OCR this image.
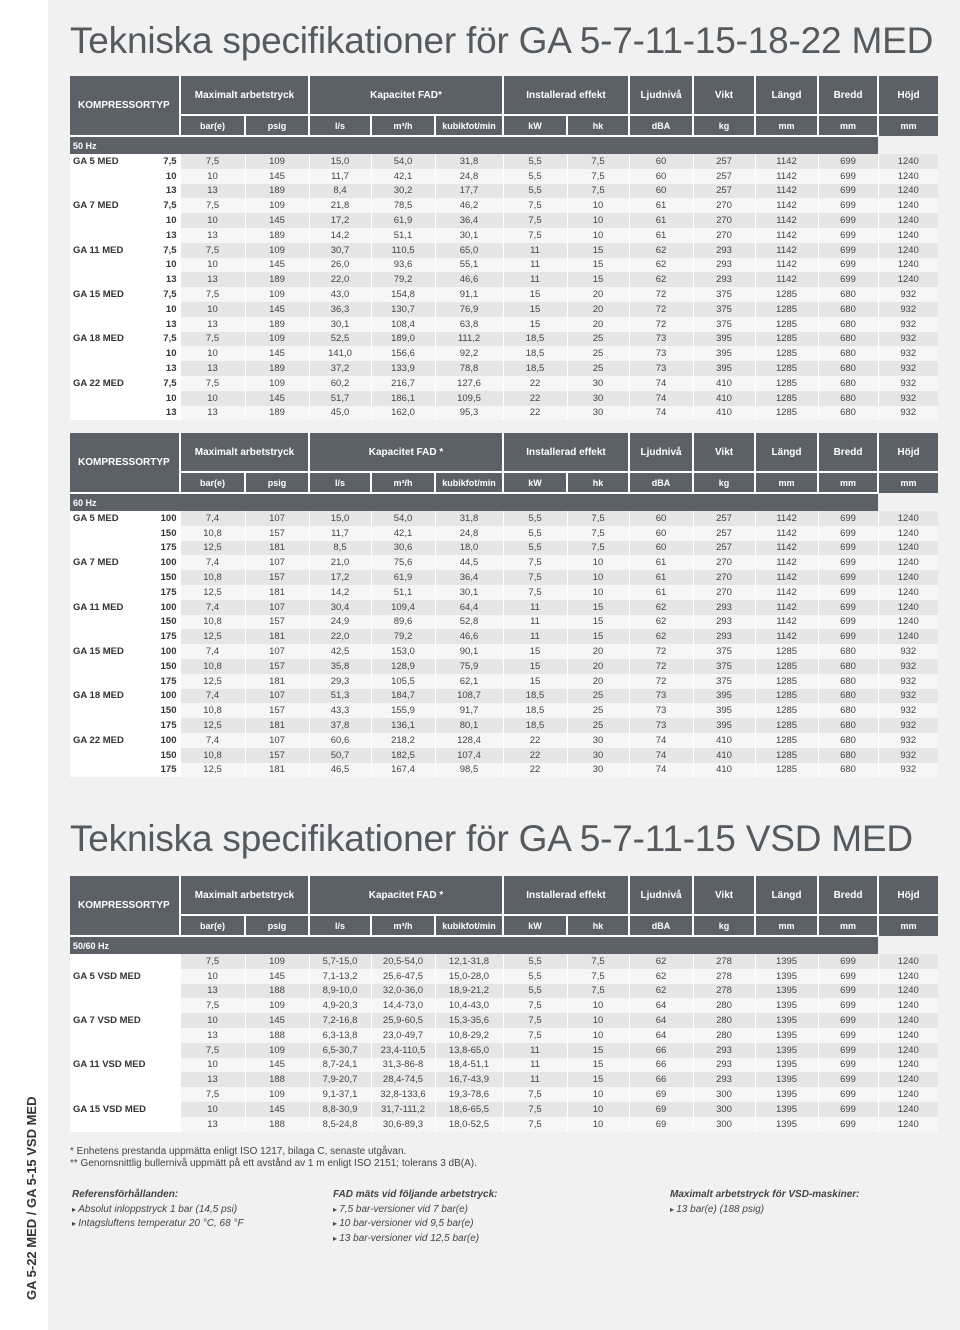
GA 5-22 MED / GA 5-15 VSD MED
Tekniska specifikationer för GA 5-7-11-15-18-22 MED
KOMPRESSORTYP		Maximalt arbetstryck		Kapacitet FAD*			Installerad effekt		Ljudnivå	Vikt	Längd	Bredd	Höjd
		bar(e)	psig	l/s	m³/h	kubikfot/min	kW	hk	dBA	kg	mm	mm	mm
50 Hz													
GA 5 MED	7,5	7,5	109	15,0	54,0	31,8	5,5	7,5	60	257	1142	699	1240
	10	10	145	11,7	42,1	24,8	5,5	7,5	60	257	1142	699	1240
	13	13	189	8,4	30,2	17,7	5,5	7,5	60	257	1142	699	1240
GA 7 MED	7,5	7,5	109	21,8	78,5	46,2	7,5	10	61	270	1142	699	1240
	10	10	145	17,2	61,9	36,4	7,5	10	61	270	1142	699	1240
	13	13	189	14,2	51,1	30,1	7,5	10	61	270	1142	699	1240
GA 11 MED	7,5	7,5	109	30,7	110,5	65,0	11	15	62	293	1142	699	1240
	10	10	145	26,0	93,6	55,1	11	15	62	293	1142	699	1240
	13	13	189	22,0	79,2	46,6	11	15	62	293	1142	699	1240
GA 15 MED	7,5	7,5	109	43,0	154,8	91,1	15	20	72	375	1285	680	932
	10	10	145	36,3	130,7	76,9	15	20	72	375	1285	680	932
	13	13	189	30,1	108,4	63,8	15	20	72	375	1285	680	932
GA 18 MED	7,5	7,5	109	52,5	189,0	111,2	18,5	25	73	395	1285	680	932
	10	10	145	141,0	156,6	92,2	18,5	25	73	395	1285	680	932
	13	13	189	37,2	133,9	78,8	18,5	25	73	395	1285	680	932
GA 22 MED	7,5	7,5	109	60,2	216,7	127,6	22	30	74	410	1285	680	932
	10	10	145	51,7	186,1	109,5	22	30	74	410	1285	680	932
	13	13	189	45,0	162,0	95,3	22	30	74	410	1285	680	932
KOMPRESSORTYP		Maximalt arbetstryck		Kapacitet FAD *			Installerad effekt		Ljudnivå	Vikt	Längd	Bredd	Höjd
		bar(e)	psig	l/s	m³/h	kubikfot/min	kW	hk	dBA	kg	mm	mm	mm
60 Hz													
GA 5 MED	100	7,4	107	15,0	54,0	31,8	5,5	7,5	60	257	1142	699	1240
	150	10,8	157	11,7	42,1	24,8	5,5	7,5	60	257	1142	699	1240
	175	12,5	181	8,5	30,6	18,0	5,5	7,5	60	257	1142	699	1240
GA 7 MED	100	7,4	107	21,0	75,6	44,5	7,5	10	61	270	1142	699	1240
	150	10,8	157	17,2	61,9	36,4	7,5	10	61	270	1142	699	1240
	175	12,5	181	14,2	51,1	30,1	7,5	10	61	270	1142	699	1240
GA 11 MED	100	7,4	107	30,4	109,4	64,4	11	15	62	293	1142	699	1240
	150	10,8	157	24,9	89,6	52,8	11	15	62	293	1142	699	1240
	175	12,5	181	22,0	79,2	46,6	11	15	62	293	1142	699	1240
GA 15 MED	100	7,4	107	42,5	153,0	90,1	15	20	72	375	1285	680	932
	150	10,8	157	35,8	128,9	75,9	15	20	72	375	1285	680	932
	175	12,5	181	29,3	105,5	62,1	15	20	72	375	1285	680	932
GA 18 MED	100	7,4	107	51,3	184,7	108,7	18,5	25	73	395	1285	680	932
	150	10,8	157	43,3	155,9	91,7	18,5	25	73	395	1285	680	932
	175	12,5	181	37,8	136,1	80,1	18,5	25	73	395	1285	680	932
GA 22 MED	100	7,4	107	60,6	218,2	128,4	22	30	74	410	1285	680	932
	150	10,8	157	50,7	182,5	107,4	22	30	74	410	1285	680	932
	175	12,5	181	46,5	167,4	98,5	22	30	74	410	1285	680	932
Tekniska specifikationer för GA 5-7-11-15 VSD MED
KOMPRESSORTYP	Maximalt arbetstryck		Kapacitet FAD *			Installerad effekt		Ljudnivå	Vikt	Längd	Bredd	Höjd
	bar(e)	psig	l/s	m³/h	kubikfot/min	kW	hk	dBA	kg	mm	mm	mm
50/60 Hz												
GA 5 VSD MED	7,5	109	5,7-15,0	20,5-54,0	12,1-31,8	5,5	7,5	62	278	1395	699	1240
	10	145	7,1-13,2	25,6-47,5	15,0-28,0	5,5	7,5	62	278	1395	699	1240
	13	188	8,9-10,0	32,0-36,0	18,9-21,2	5,5	7,5	62	278	1395	699	1240
GA 7 VSD MED	7,5	109	4,9-20,3	14,4-73,0	10,4-43,0	7,5	10	64	280	1395	699	1240
	10	145	7,2-16,8	25,9-60,5	15,3-35,6	7,5	10	64	280	1395	699	1240
	13	188	6,3-13,8	23,0-49,7	10,8-29,2	7,5	10	64	280	1395	699	1240
GA 11 VSD MED	7,5	109	6,5-30,7	23,4-110,5	13,8-65,0	11	15	66	293	1395	699	1240
	10	145	8,7-24,1	31,3-86-8	18,4-51,1	11	15	66	293	1395	699	1240
	13	188	7,9-20,7	28,4-74,5	16,7-43,9	11	15	66	293	1395	699	1240
GA 15 VSD MED	7,5	109	9,1-37,1	32,8-133,6	19,3-78,6	7,5	10	69	300	1395	699	1240
	10	145	8,8-30,9	31,7-111,2	18,6-65,5	7,5	10	69	300	1395	699	1240
	13	188	8,5-24,8	30,6-89,3	18,0-52,5	7,5	10	69	300	1395	699	1240
* Enhetens prestanda uppmätta enligt ISO 1217, bilaga C, senaste utgåvan.
** Genomsnittlig bullernivå uppmätt på ett avstånd av 1 m enligt ISO 2151; tolerans 3 dB(A).
Referensförhållanden:
▸ Absolut inloppstryck 1 bar (14,5 psi)
▸ Intagsluftens temperatur 20 °C, 68 °F
FAD mäts vid följande arbetstryck:
▸ 7,5 bar-versioner vid 7 bar(e)
▸ 10 bar-versioner vid 9,5 bar(e)
▸ 13 bar-versioner vid 12,5 bar(e)
Maximalt arbetstryck för VSD-maskiner:
▸ 13 bar(e) (188 psig)
